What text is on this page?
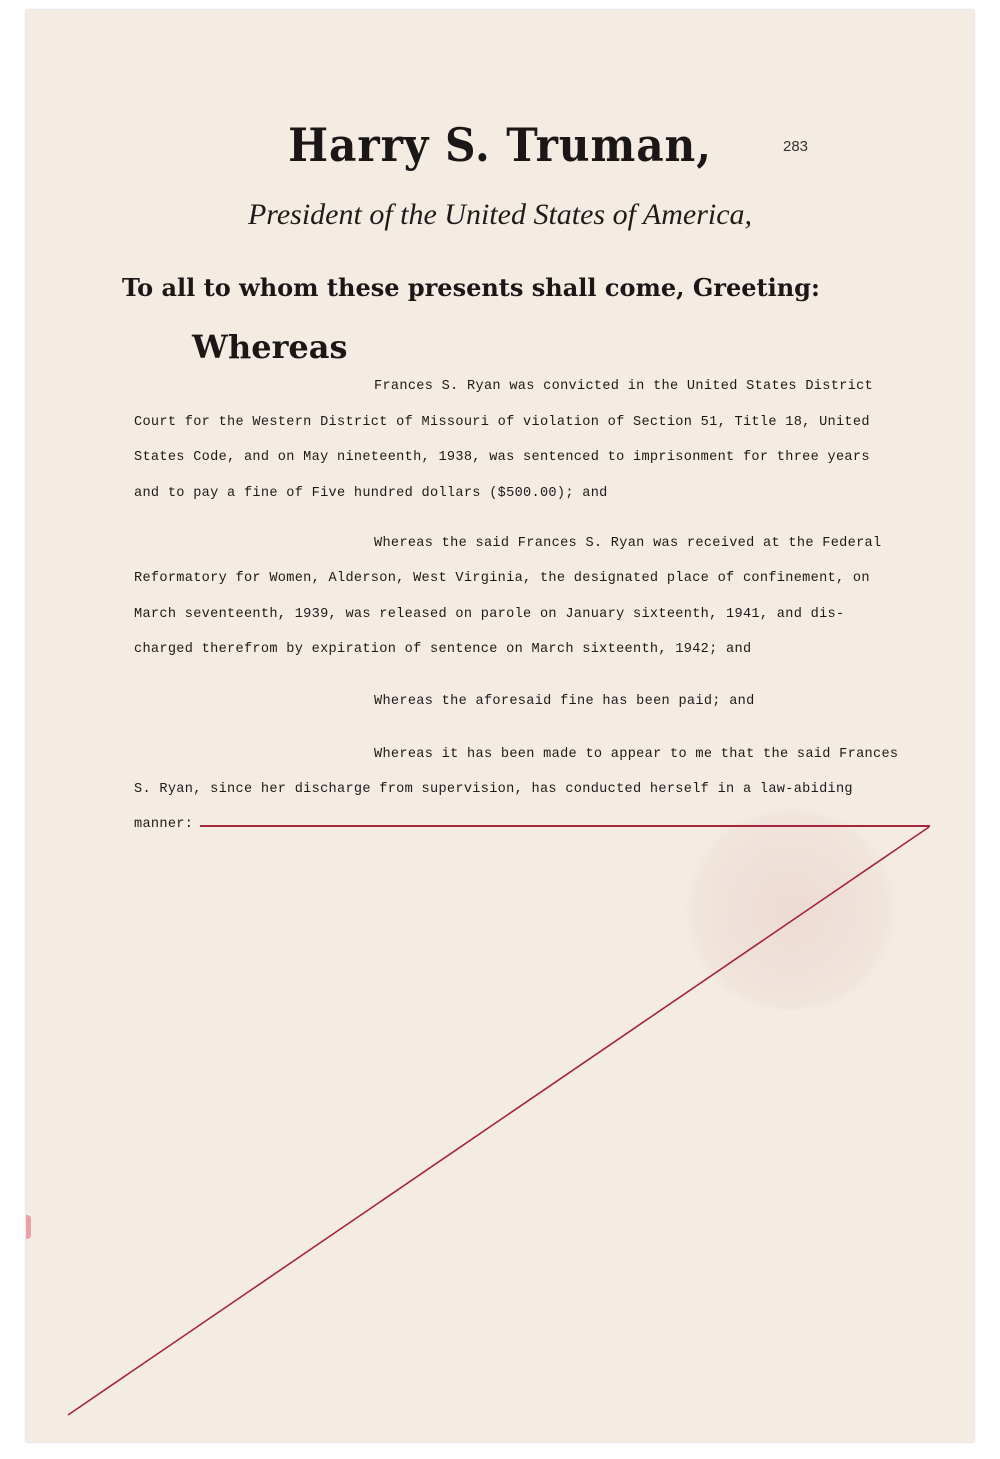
Harry S. Truman,	283
President of the United States of America,
To all to whom these presents shall come, Greeting:
Whereas
Frances S. Ryan was convicted in the United States District
Court for the Western District of Missouri of violation of Section 51, Title 18, United
States Code, and on May nineteenth, 1938, was sentenced to imprisonment for three years
and to pay a fine of Five hundred dollars ($500.00); and
Whereas the said Frances S. Ryan was received at the Federal
Reformatory for Women, Alderson, West Virginia, the designated place of confinement, on
March seventeenth, 1939, was released on parole on January sixteenth, 1941, and dis-
charged therefrom by expiration of sentence on March sixteenth, 1942; and
Whereas the aforesaid fine has been paid; and
Whereas it has been made to appear to me that the said Frances
S. Ryan, since her discharge from supervision, has conducted herself in a law-abiding
manner:
